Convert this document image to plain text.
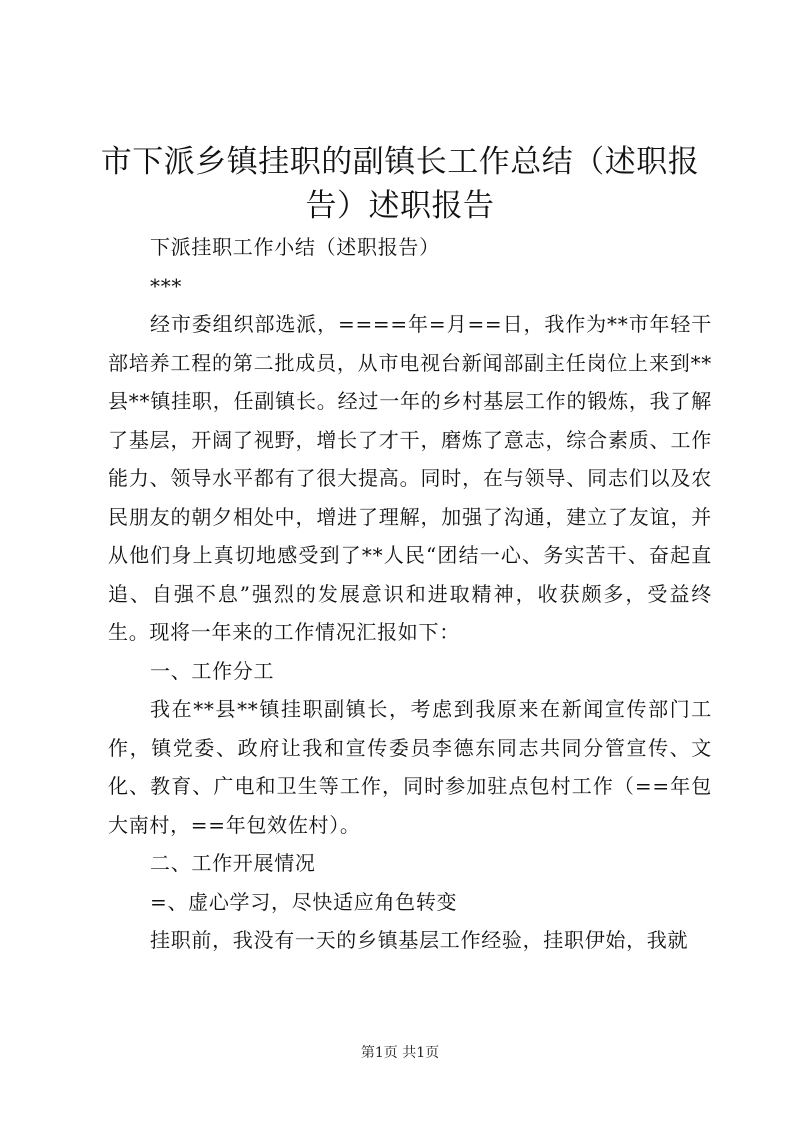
市下派乡镇挂职的副镇长工作总结（述职报告）述职报告

下派挂职工作小结（述职报告）

***

经市委组织部选派，====年=月==日，我作为**市年轻干部培养工程的第二批成员，从市电视台新闻部副主任岗位上来到**县**镇挂职，任副镇长。经过一年的乡村基层工作的锻炼，我了解了基层，开阔了视野，增长了才干，磨炼了意志，综合素质、工作能力、领导水平都有了很大提高。同时，在与领导、同志们以及农民朋友的朝夕相处中，增进了理解，加强了沟通，建立了友谊，并从他们身上真切地感受到了**人民“团结一心、务实苦干、奋起直追、自强不息”强烈的发展意识和进取精神，收获颇多，受益终生。现将一年来的工作情况汇报如下：

一、工作分工

我在**县**镇挂职副镇长，考虑到我原来在新闻宣传部门工作，镇党委、政府让我和宣传委员李德东同志共同分管宣传、文化、教育、广电和卫生等工作，同时参加驻点包村工作（==年包大南村，==年包效佐村）。

二、工作开展情况

=、虚心学习，尽快适应角色转变

挂职前，我没有一天的乡镇基层工作经验，挂职伊始，我就

第1页 共1页
